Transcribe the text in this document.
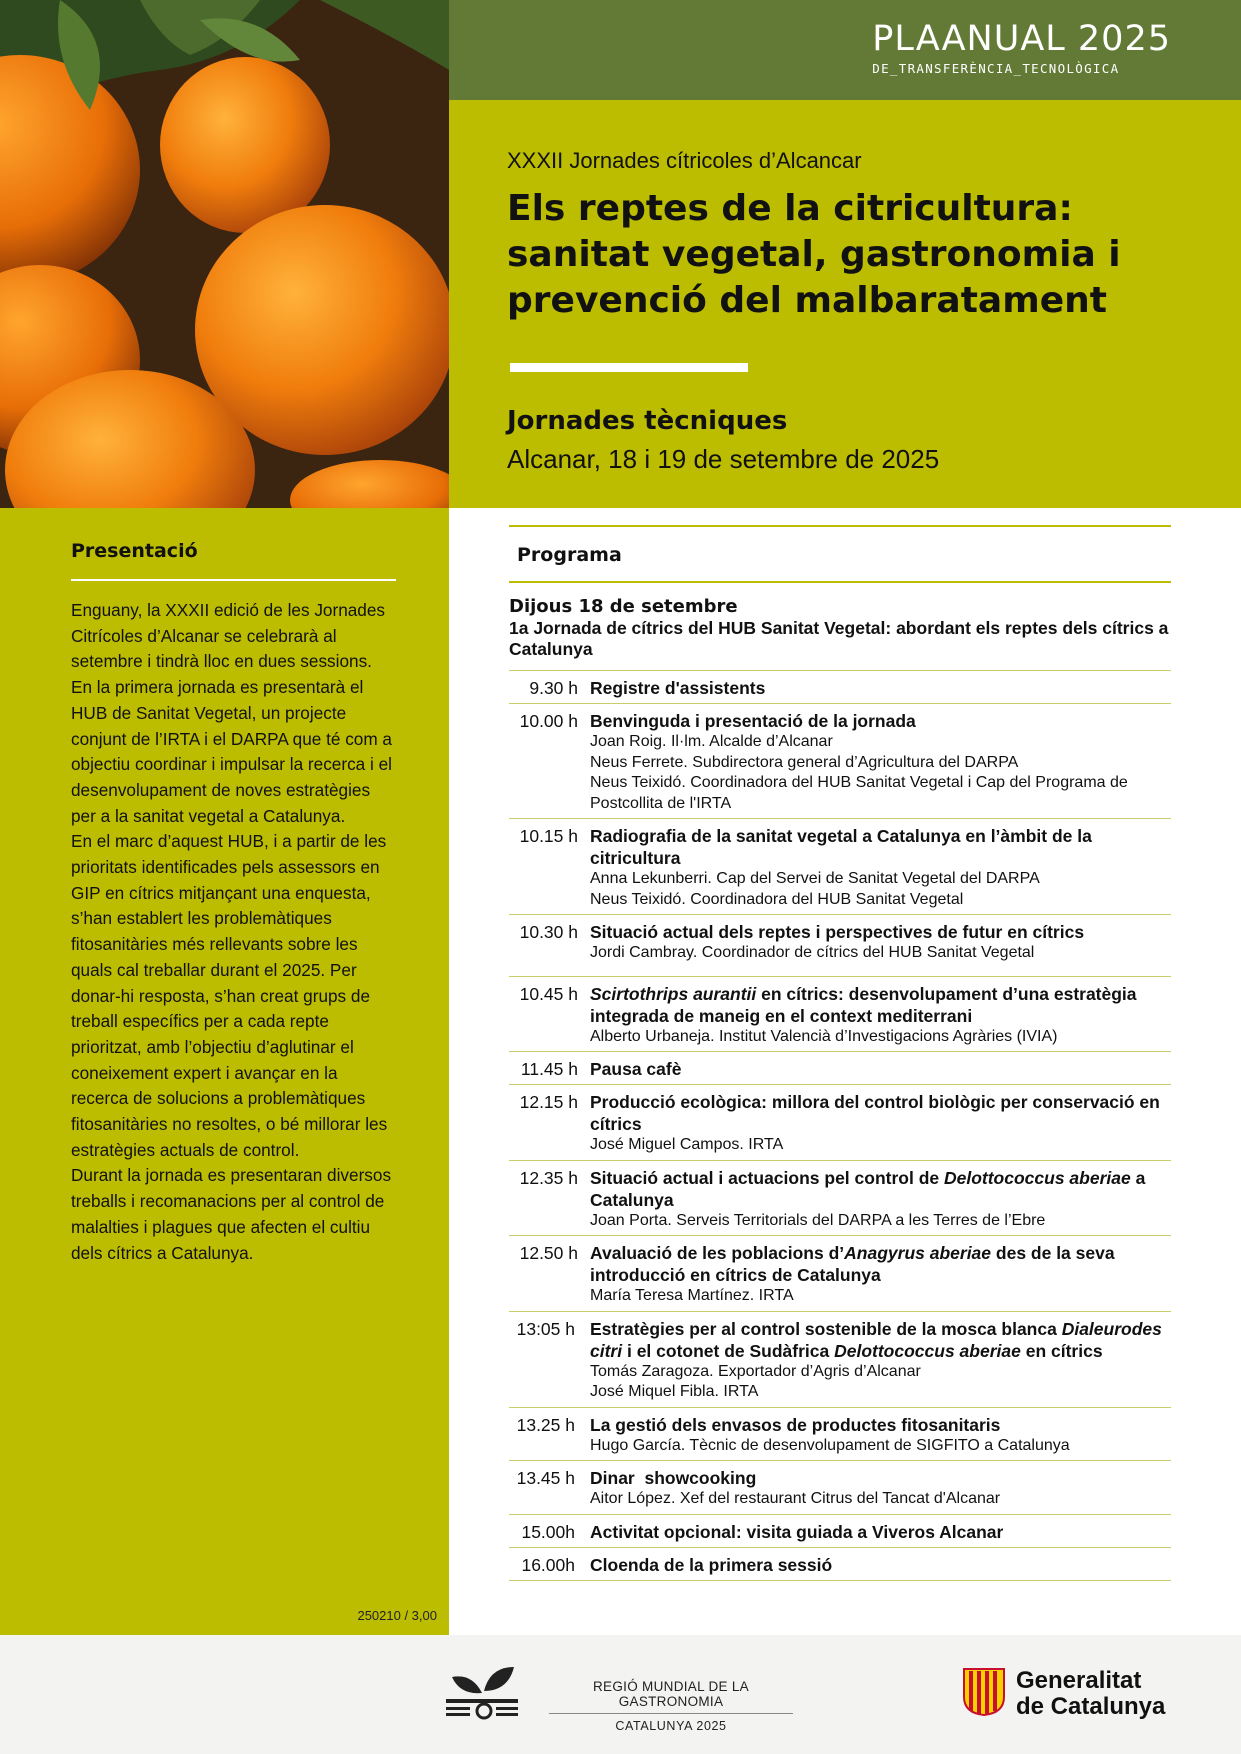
PLAANUAL 2025
DE_TRANSFERÈNCIA_TECNOLÒGICA
XXXII Jornades cítricoles d’Alcancar
Els reptes de la citricultura: sanitat vegetal, gastronomia i prevenció del malbaratament
Jornades tècniques
Alcanar, 18 i 19 de setembre de 2025
Presentació
Enguany, la XXXII edició de les Jornades Citrícoles d’Alcanar se celebrarà al setembre i tindrà lloc en dues sessions.
En la primera jornada es presentarà el HUB de Sanitat Vegetal, un projecte conjunt de l’IRTA i el DARPA que té com a objectiu coordinar i impulsar la recerca i el desenvolupament de noves estratègies per a la sanitat vegetal a Catalunya.
En el marc d’aquest HUB, i a partir de les prioritats identificades pels assessors en GIP en cítrics mitjançant una enquesta, s’han establert les problemàtiques fitosanitàries més rellevants sobre les quals cal treballar durant el 2025. Per donar-hi resposta, s’han creat grups de treball específics per a cada repte prioritzat, amb l’objectiu d’aglutinar el coneixement expert i avançar en la recerca de solucions a problemàtiques fitosanitàries no resoltes, o bé millorar les estratègies actuals de control.
Durant la jornada es presentaran diversos treballs i recomanacions per al control de malalties i plagues que afecten el cultiu dels cítrics a Catalunya.
250210 / 3,00
Programa
Dijous 18 de setembre
1a Jornada de cítrics del HUB Sanitat Vegetal: abordant els reptes dels cítrics a Catalunya
9.30 h Registre d'assistents
10.00 h Benvinguda i presentació de la jornada
Joan Roig. Il·lm. Alcalde d’Alcanar
Neus Ferrete. Subdirectora general d’Agricultura del DARPA
Neus Teixidó. Coordinadora del HUB Sanitat Vegetal i Cap del Programa de Postcollita de l'IRTA
10.15 h Radiografia de la sanitat vegetal a Catalunya en l’àmbit de la citricultura
Anna Lekunberri. Cap del Servei de Sanitat Vegetal del DARPA
Neus Teixidó. Coordinadora del HUB Sanitat Vegetal
10.30 h Situació actual dels reptes i perspectives de futur en cítrics
Jordi Cambray. Coordinador de cítrics del HUB Sanitat Vegetal
10.45 h Scirtothrips aurantii en cítrics: desenvolupament d’una estratègia integrada de maneig en el context mediterrani
Alberto Urbaneja. Institut Valencià d’Investigacions Agràries (IVIA)
11.45 h Pausa cafè
12.15 h Producció ecològica: millora del control biològic per conservació en cítrics
José Miguel Campos. IRTA
12.35 h Situació actual i actuacions pel control de Delottococcus aberiae a Catalunya
Joan Porta. Serveis Territorials del DARPA a les Terres de l’Ebre
12.50 h Avaluació de les poblacions d’Anagyrus aberiae des de la seva introducció en cítrics de Catalunya
María Teresa Martínez. IRTA
13:05 h Estratègies per al control sostenible de la mosca blanca Dialeurodes citri i el cotonet de Sudàfrica Delottococcus aberiae en cítrics
Tomás Zaragoza. Exportador d’Agris d’Alcanar
José Miquel Fibla. IRTA
13.25 h La gestió dels envasos de productes fitosanitaris
Hugo García. Tècnic de desenvolupament de SIGFITO a Catalunya
13.45 h Dinar  showcooking
Aitor López. Xef del restaurant Citrus del Tancat d'Alcanar
15.00h Activitat opcional: visita guiada a Viveros Alcanar
16.00h Cloenda de la primera sessió
REGIÓ MUNDIAL DE LA GASTRONOMIA
CATALUNYA 2025
Generalitat
de Catalunya
